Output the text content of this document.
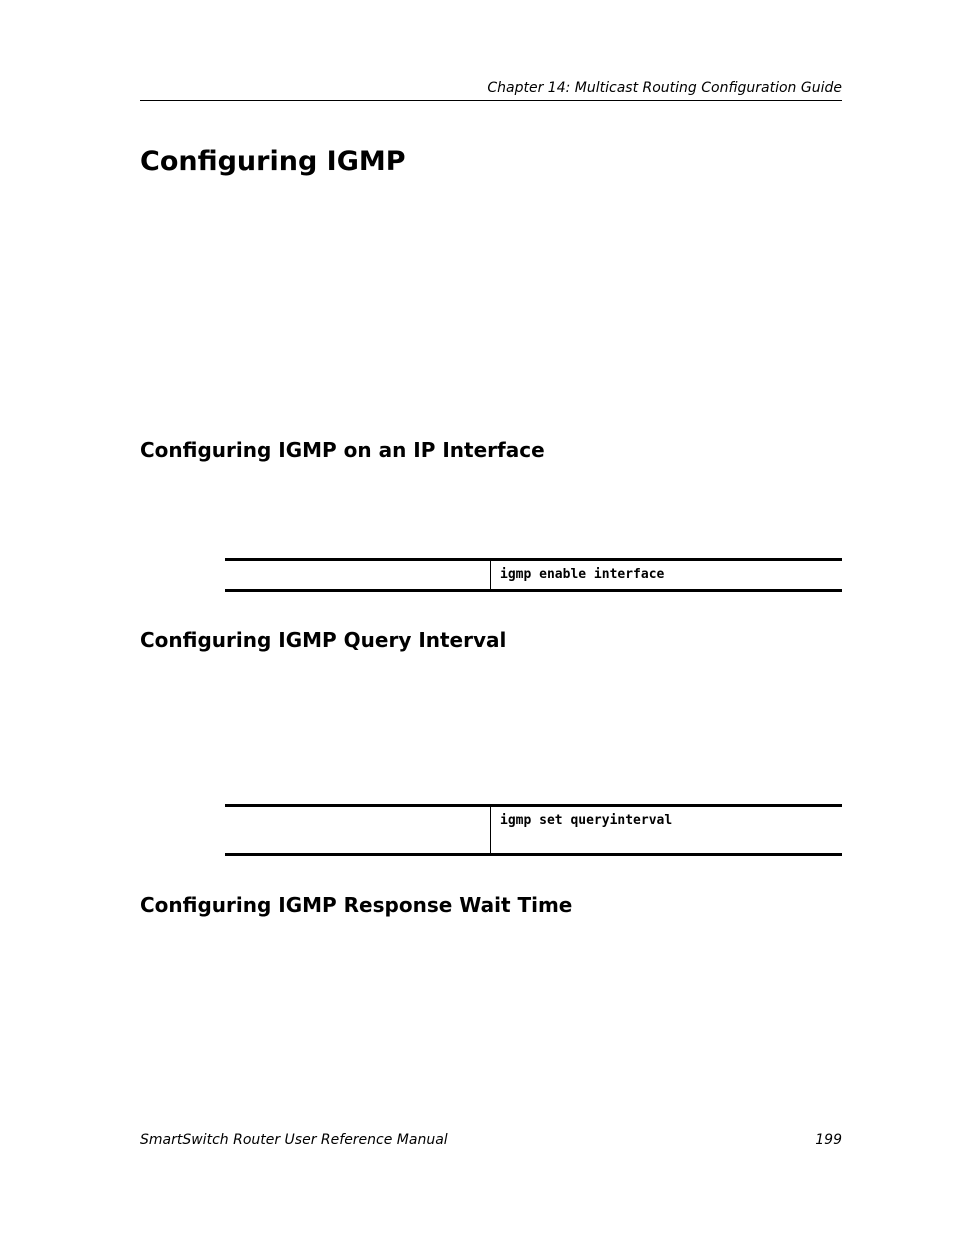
Chapter 14: Multicast Routing Configuration Guide
Configuring IGMP
Configuring IGMP on an IP Interface
igmp enable interface
Configuring IGMP Query Interval
igmp set queryinterval
Configuring IGMP Response Wait Time
SmartSwitch Router User Reference Manual	199
